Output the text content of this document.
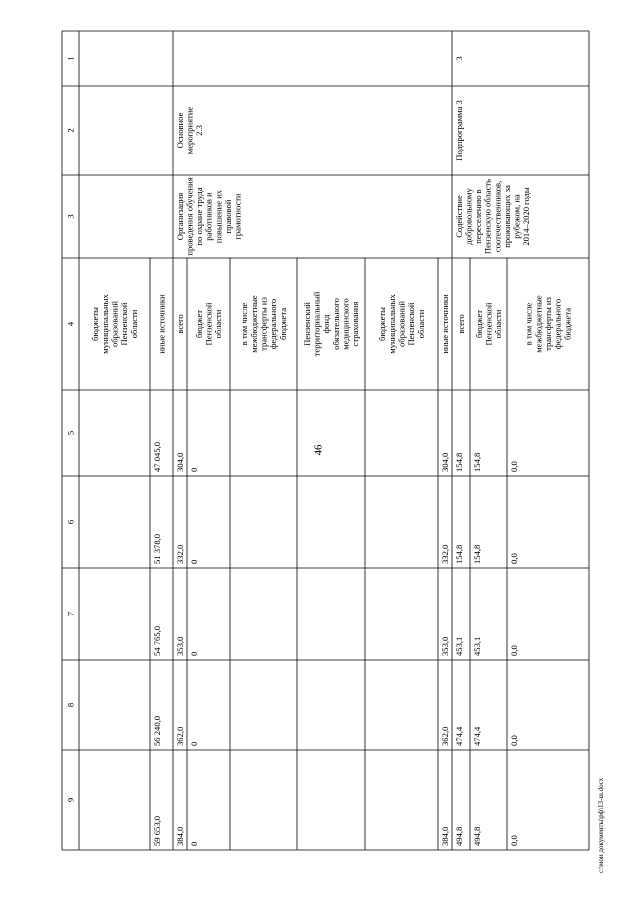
46
c:\мои документы\рф\13-ш.docx
1
2
3
4
5
6
7
8
9
бюджетымуниципальныхобразованийПензенскойобласти иные источники
47 045,0
51 378,0
54 765,0
56 240,0
59 653,0
Основноемероприятие2.3
Организацияпроведения обученияпо охране трудаработников иповышение ихправовойграмотности
всего
304,0
332,0
353,0
362,0
384,0
бюджетПензенскойобласти
0
0
0
0
0
в том числемежбюджетныетрансферты изфедеральногобюджета Пензенскийтерриториальныйфондобязательногомедицинскогострахования бюджетымуниципальныхобразованийПензенскойобласти иные источники
304,0
332,0
353,0
362,0
384,0
3
Подпрограмма 3
Содействиедобровольномупереселению вПензенскую областьсоотечественников,проживающих зарубежом, на2014–2020 годы
всего
154,8
154,8
453,1
474,4
494,8
бюджетПензенскойобласти
154,8
154,8
453,1
474,4
494,8
в том числемежбюджетныетрансферты изфедеральногобюджета
0,0
0,0
0,0
0,0
0,0
